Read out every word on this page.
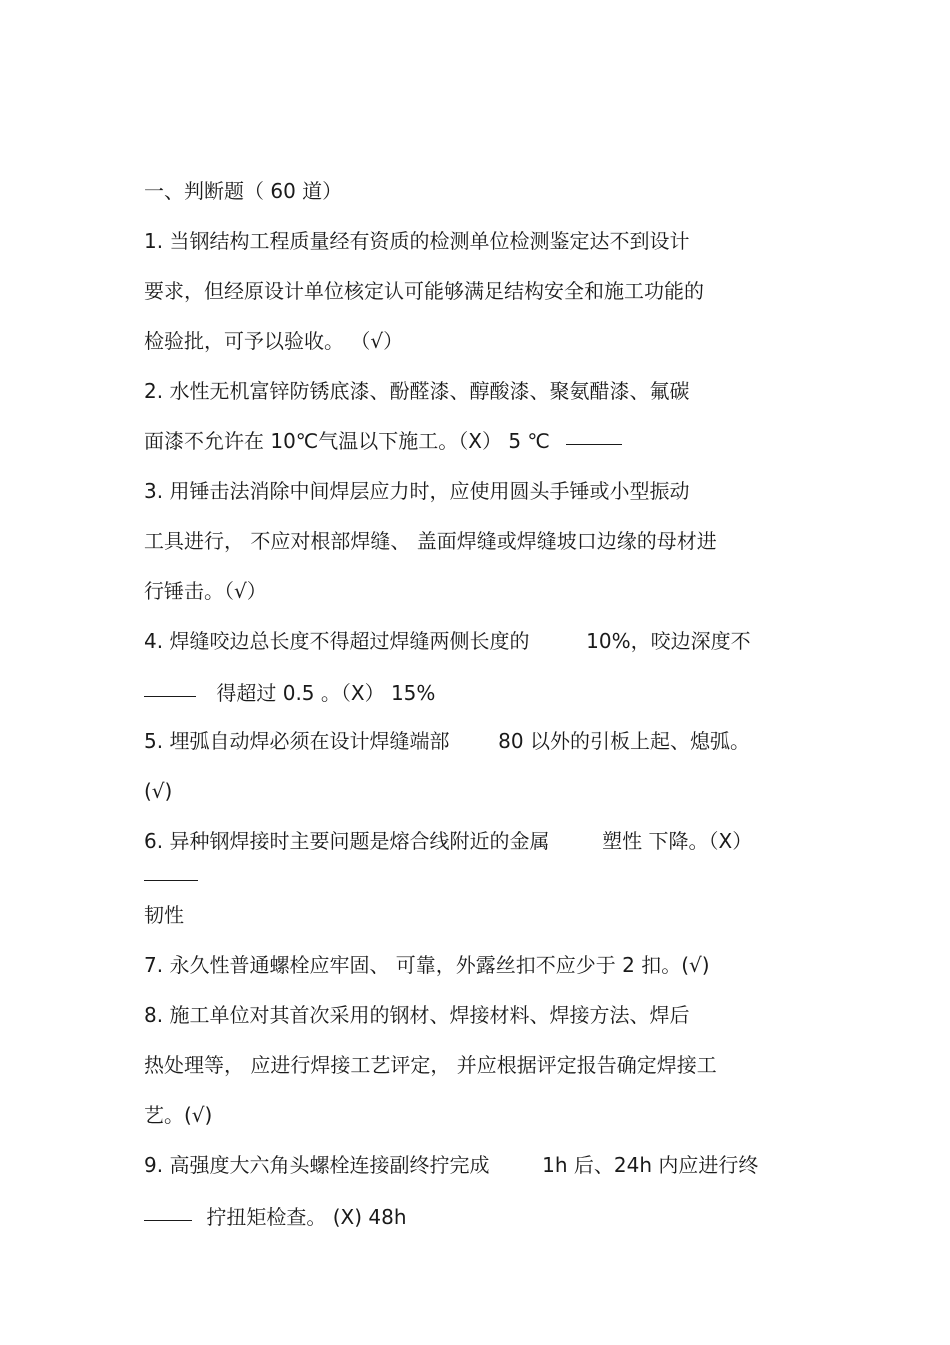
一、判断题（ 60 道）
1. 当钢结构工程质量经有资质的检测单位检测鉴定达不到设计
要求，但经原设计单位核定认可能够满足结构安全和施工功能的
检验批，可予以验收。 （√）
2. 水性无机富锌防锈底漆、酚醛漆、醇酸漆、聚氨醋漆、氟碳
面漆不允许在 10℃气温以下施工。（X） 5 ℃
3. 用锤击法消除中间焊层应力时，应使用圆头手锤或小型振动
工具进行， 不应对根部焊缝、 盖面焊缝或焊缝坡口边缘的母材进
行锤击。（√）
4. 焊缝咬边总长度不得超过焊缝两侧长度的	10%，咬边深度不
得超过 0.5 。（X） 15%
5. 埋弧自动焊必须在设计焊缝端部 80 以外的引板上起、熄弧。
(√)
6. 异种钢焊接时主要问题是熔合线附近的金属	塑性 下降。（X）
韧性
7. 永久性普通螺栓应牢固、 可靠，外露丝扣不应少于 2 扣。(√)
8. 施工单位对其首次采用的钢材、焊接材料、焊接方法、焊后
热处理等， 应进行焊接工艺评定， 并应根据评定报告确定焊接工
艺。(√)
9. 高强度大六角头螺栓连接副终拧完成	1h 后、24h 内应进行终
拧扭矩检查。 (X) 48h
